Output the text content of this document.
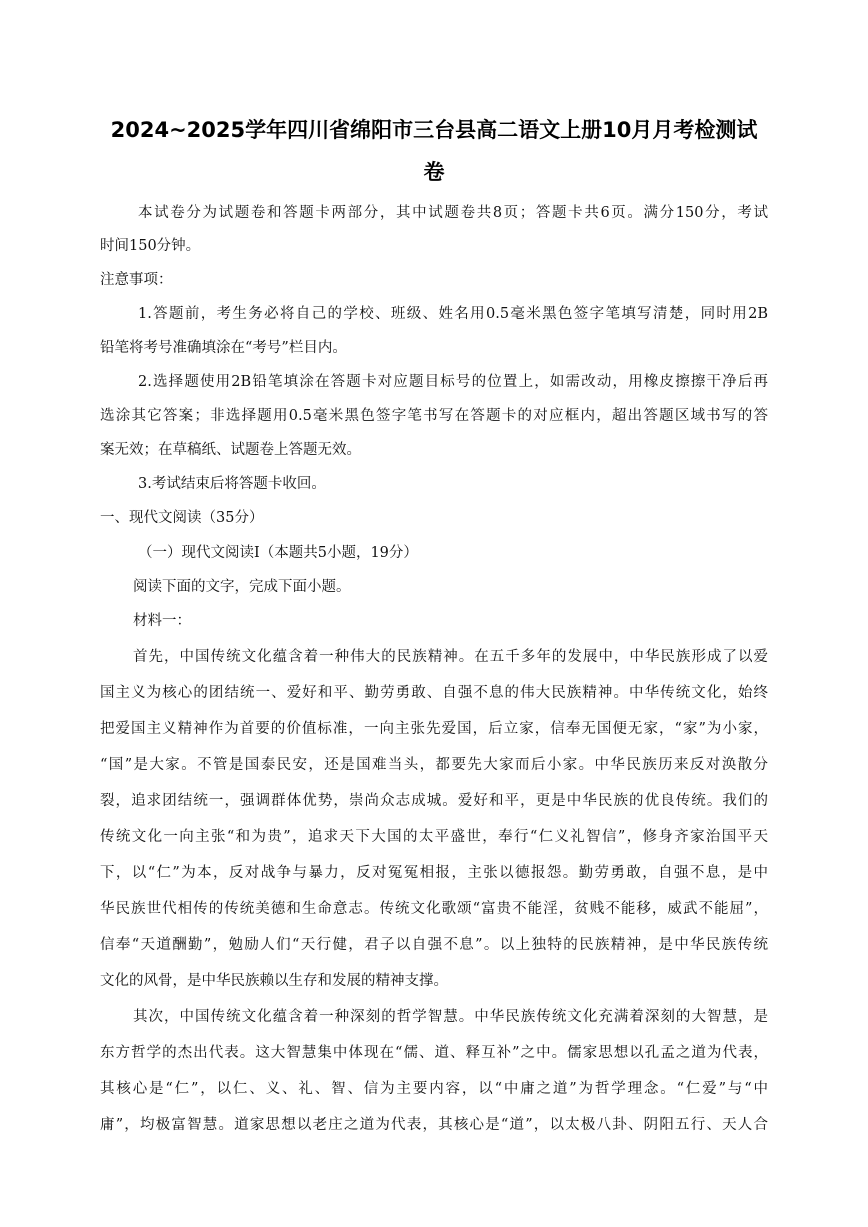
2024~2025学年四川省绵阳市三台县高二语文上册10月月考检测试
卷
本试卷分为试题卷和答题卡两部分，其中试题卷共8页；答题卡共6页。满分150分，考试
时间150分钟。
注意事项：
1.答题前，考生务必将自己的学校、班级、姓名用0.5毫米黑色签字笔填写清楚，同时用2B
铅笔将考号准确填涂在“考号”栏目内。
2.选择题使用2B铅笔填涂在答题卡对应题目标号的位置上，如需改动，用橡皮擦擦干净后再
选涂其它答案；非选择题用0.5毫米黑色签字笔书写在答题卡的对应框内，超出答题区域书写的答
案无效；在草稿纸、试题卷上答题无效。
3.考试结束后将答题卡收回。
一、现代文阅读（35分）
（一）现代文阅读Ⅰ（本题共5小题，19分）
阅读下面的文字，完成下面小题。
材料一：
首先，中国传统文化蕴含着一种伟大的民族精神。在五千多年的发展中，中华民族形成了以爱
国主义为核心的团结统一、爱好和平、勤劳勇敢、自强不息的伟大民族精神。中华传统文化，始终
把爱国主义精神作为首要的价值标准，一向主张先爱国，后立家，信奉无国便无家，“家”为小家，
“国”是大家。不管是国泰民安，还是国难当头，都要先大家而后小家。中华民族历来反对涣散分
裂，追求团结统一，强调群体优势，崇尚众志成城。爱好和平，更是中华民族的优良传统。我们的
传统文化一向主张“和为贵”，追求天下大国的太平盛世，奉行“仁义礼智信”，修身齐家治国平天
下，以“仁”为本，反对战争与暴力，反对冤冤相报，主张以德报怨。勤劳勇敢，自强不息，是中
华民族世代相传的传统美德和生命意志。传统文化歌颂“富贵不能淫，贫贱不能移，威武不能屈”，
信奉“天道酬勤”，勉励人们“天行健，君子以自强不息”。以上独特的民族精神，是中华民族传统
文化的风骨，是中华民族赖以生存和发展的精神支撑。
其次，中国传统文化蕴含着一种深刻的哲学智慧。中华民族传统文化充满着深刻的大智慧，是
东方哲学的杰出代表。这大智慧集中体现在“儒、道、释互补”之中。儒家思想以孔孟之道为代表，
其核心是“仁”，以仁、义、礼、智、信为主要内容，以“中庸之道”为哲学理念。“仁爱”与“中
庸”，均极富智慧。道家思想以老庄之道为代表，其核心是“道”，以太极八卦、阴阳五行、天人合
